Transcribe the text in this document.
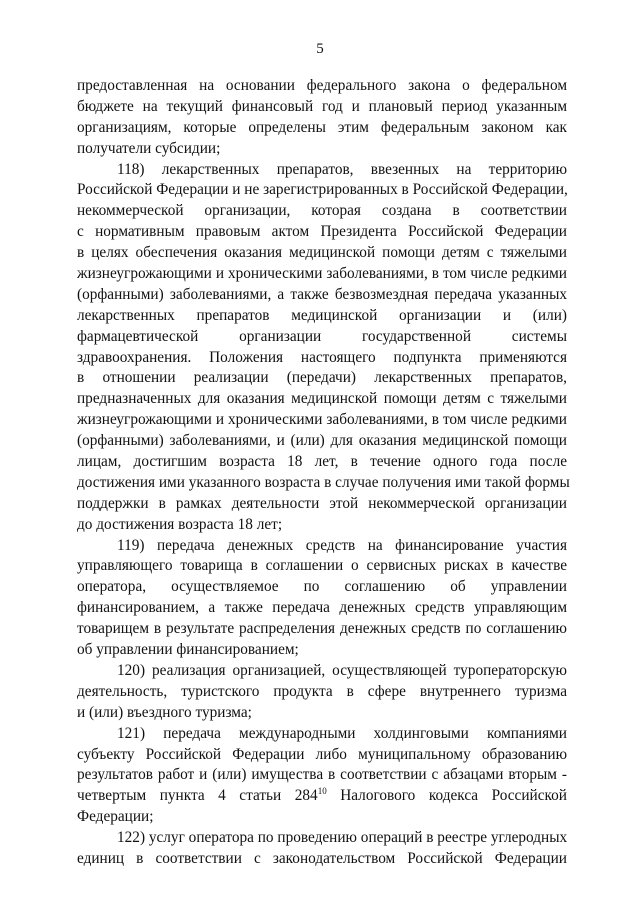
5
предоставленная на основании федерального закона о федеральном
бюджете на текущий финансовый год и плановый период указанным
организациям, которые определены этим федеральным законом как
получатели субсидии;
118) лекарственных препаратов, ввезенных на территорию
Российской Федерации и не зарегистрированных в Российской Федерации,
некоммерческой организации, которая создана в соответствии
с нормативным правовым актом Президента Российской Федерации
в целях обеспечения оказания медицинской помощи детям с тяжелыми
жизнеугрожающими и хроническими заболеваниями, в том числе редкими
(орфанными) заболеваниями, а также безвозмездная передача указанных
лекарственных препаратов медицинской организации и (или)
фармацевтической организации государственной системы
здравоохранения. Положения настоящего подпункта применяются
в отношении реализации (передачи) лекарственных препаратов,
предназначенных для оказания медицинской помощи детям с тяжелыми
жизнеугрожающими и хроническими заболеваниями, в том числе редкими
(орфанными) заболеваниями, и (или) для оказания медицинской помощи
лицам, достигшим возраста 18 лет, в течение одного года после
достижения ими указанного возраста в случае получения ими такой формы
поддержки в рамках деятельности этой некоммерческой организации
до достижения возраста 18 лет;
119) передача денежных средств на финансирование участия
управляющего товарища в соглашении о сервисных рисках в качестве
оператора, осуществляемое по соглашению об управлении
финансированием, а также передача денежных средств управляющим
товарищем в результате распределения денежных средств по соглашению
об управлении финансированием;
120) реализация организацией, осуществляющей туроператорскую
деятельность, туристского продукта в сфере внутреннего туризма
и (или) въездного туризма;
121) передача международными холдинговыми компаниями
субъекту Российской Федерации либо муниципальному образованию
результатов работ и (или) имущества в соответствии с абзацами вторым -
четвертым пункта 4 статьи $284^{10}$ Налогового кодекса Российской
Федерации;
122) услуг оператора по проведению операций в реестре углеродных
единиц в соответствии с законодательством Российской Федерации
